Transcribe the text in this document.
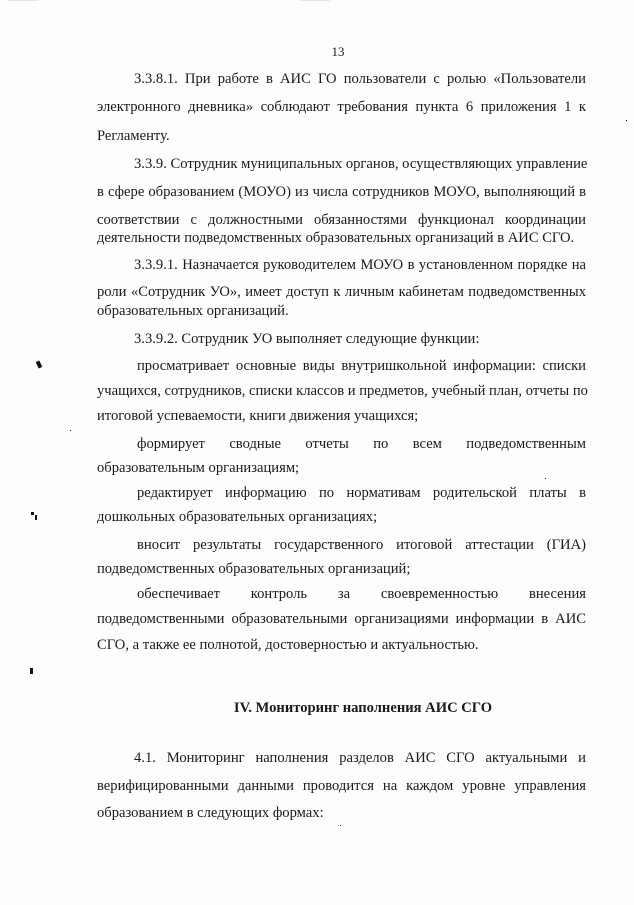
13
3.3.8.1. При работе в АИС ГО пользователи с ролью «Пользователи
электронного дневника» соблюдают требования пункта 6 приложения 1 к
Регламенту.
3.3.9. Сотрудник муниципальных органов, осуществляющих управление
в сфере образованием (МОУО) из числа сотрудников МОУО, выполняющий в
соответствии с должностными обязанностями функционал координации
деятельности подведомственных образовательных организаций в АИС СГО.
3.3.9.1. Назначается руководителем МОУО в установленном порядке на
роли «Сотрудник УО», имеет доступ к личным кабинетам подведомственных
образовательных организаций.
3.3.9.2. Сотрудник УО выполняет следующие функции:
просматривает основные виды внутришкольной информации: списки
учащихся, сотрудников, списки классов и предметов, учебный план, отчеты по
итоговой успеваемости, книги движения учащихся;
формирует сводные отчеты по всем подведомственным
образовательным организациям;
редактирует информацию по нормативам родительской платы в
дошкольных образовательных организациях;
вносит результаты государственного итоговой аттестации (ГИА)
подведомственных образовательных организаций;
обеспечивает контроль за своевременностью внесения
подведомственными образовательными организациями информации в АИС
СГО, а также ее полнотой, достоверностью и актуальностью.
IV. Мониторинг наполнения АИС СГО
4.1. Мониторинг наполнения разделов АИС СГО актуальными и
верифицированными данными проводится на каждом уровне управления
образованием в следующих формах:
